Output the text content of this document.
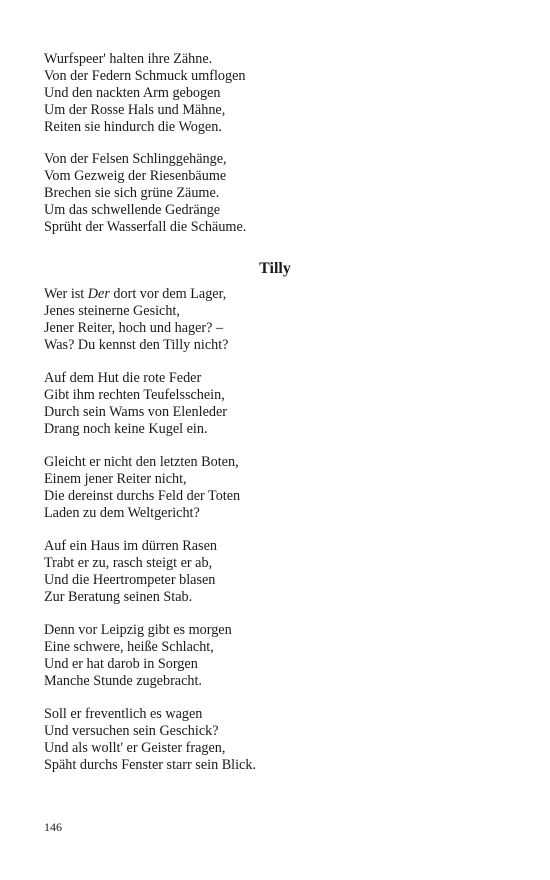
Wurfspeer' halten ihre Zähne.
Von der Federn Schmuck umflogen
Und den nackten Arm gebogen
Um der Rosse Hals und Mähne,
Reiten sie hindurch die Wogen.
Von der Felsen Schlinggehänge,
Vom Gezweig der Riesenbäume
Brechen sie sich grüne Zäume.
Um das schwellende Gedränge
Sprüht der Wasserfall die Schäume.
Tilly
Wer ist Der dort vor dem Lager,
Jenes steinerne Gesicht,
Jener Reiter, hoch und hager? –
Was? Du kennst den Tilly nicht?
Auf dem Hut die rote Feder
Gibt ihm rechten Teufelsschein,
Durch sein Wams von Elenleder
Drang noch keine Kugel ein.
Gleicht er nicht den letzten Boten,
Einem jener Reiter nicht,
Die dereinst durchs Feld der Toten
Laden zu dem Weltgericht?
Auf ein Haus im dürren Rasen
Trabt er zu, rasch steigt er ab,
Und die Heertrompeter blasen
Zur Beratung seinen Stab.
Denn vor Leipzig gibt es morgen
Eine schwere, heiße Schlacht,
Und er hat darob in Sorgen
Manche Stunde zugebracht.
Soll er freventlich es wagen
Und versuchen sein Geschick?
Und als wollt' er Geister fragen,
Späht durchs Fenster starr sein Blick.
146
